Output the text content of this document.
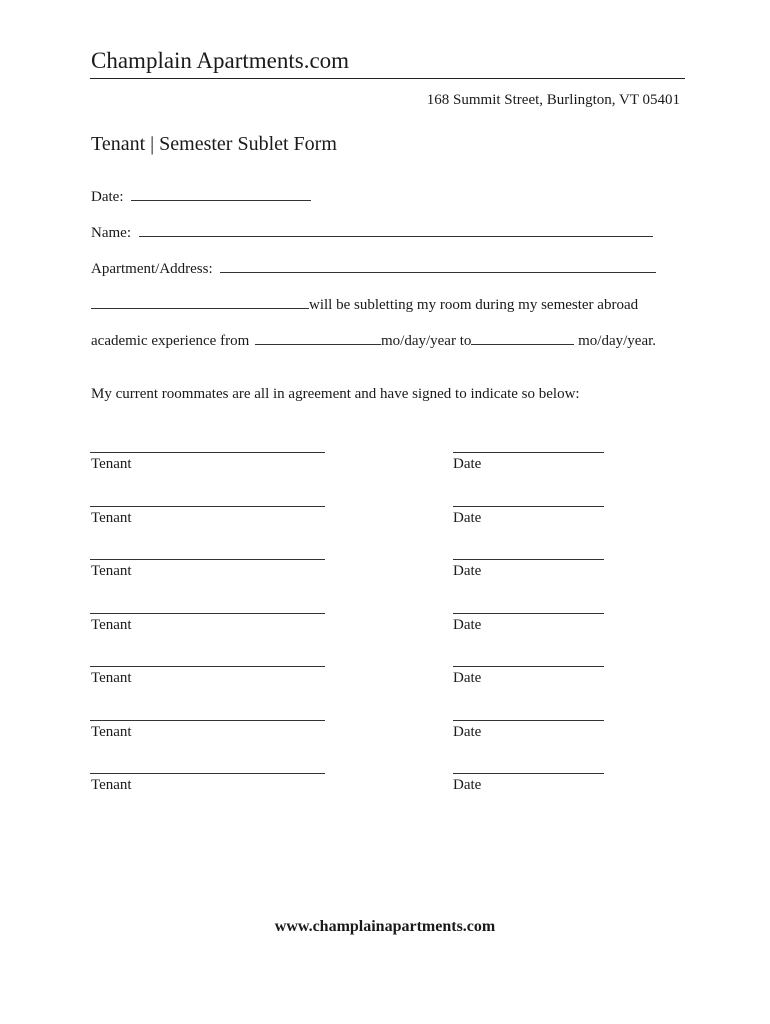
Champlain Apartments.com
168 Summit Street, Burlington, VT 05401
Tenant | Semester Sublet Form
Date:
Name:
Apartment/Address:
will be subletting my room during my semester abroad
academic experience from	mo/day/year to	mo/day/year.
My current roommates are all in agreement and have signed to indicate so below:
Tenant	Date
Tenant	Date
Tenant	Date
Tenant	Date
Tenant	Date
Tenant	Date
Tenant	Date
www.champlainapartments.com
